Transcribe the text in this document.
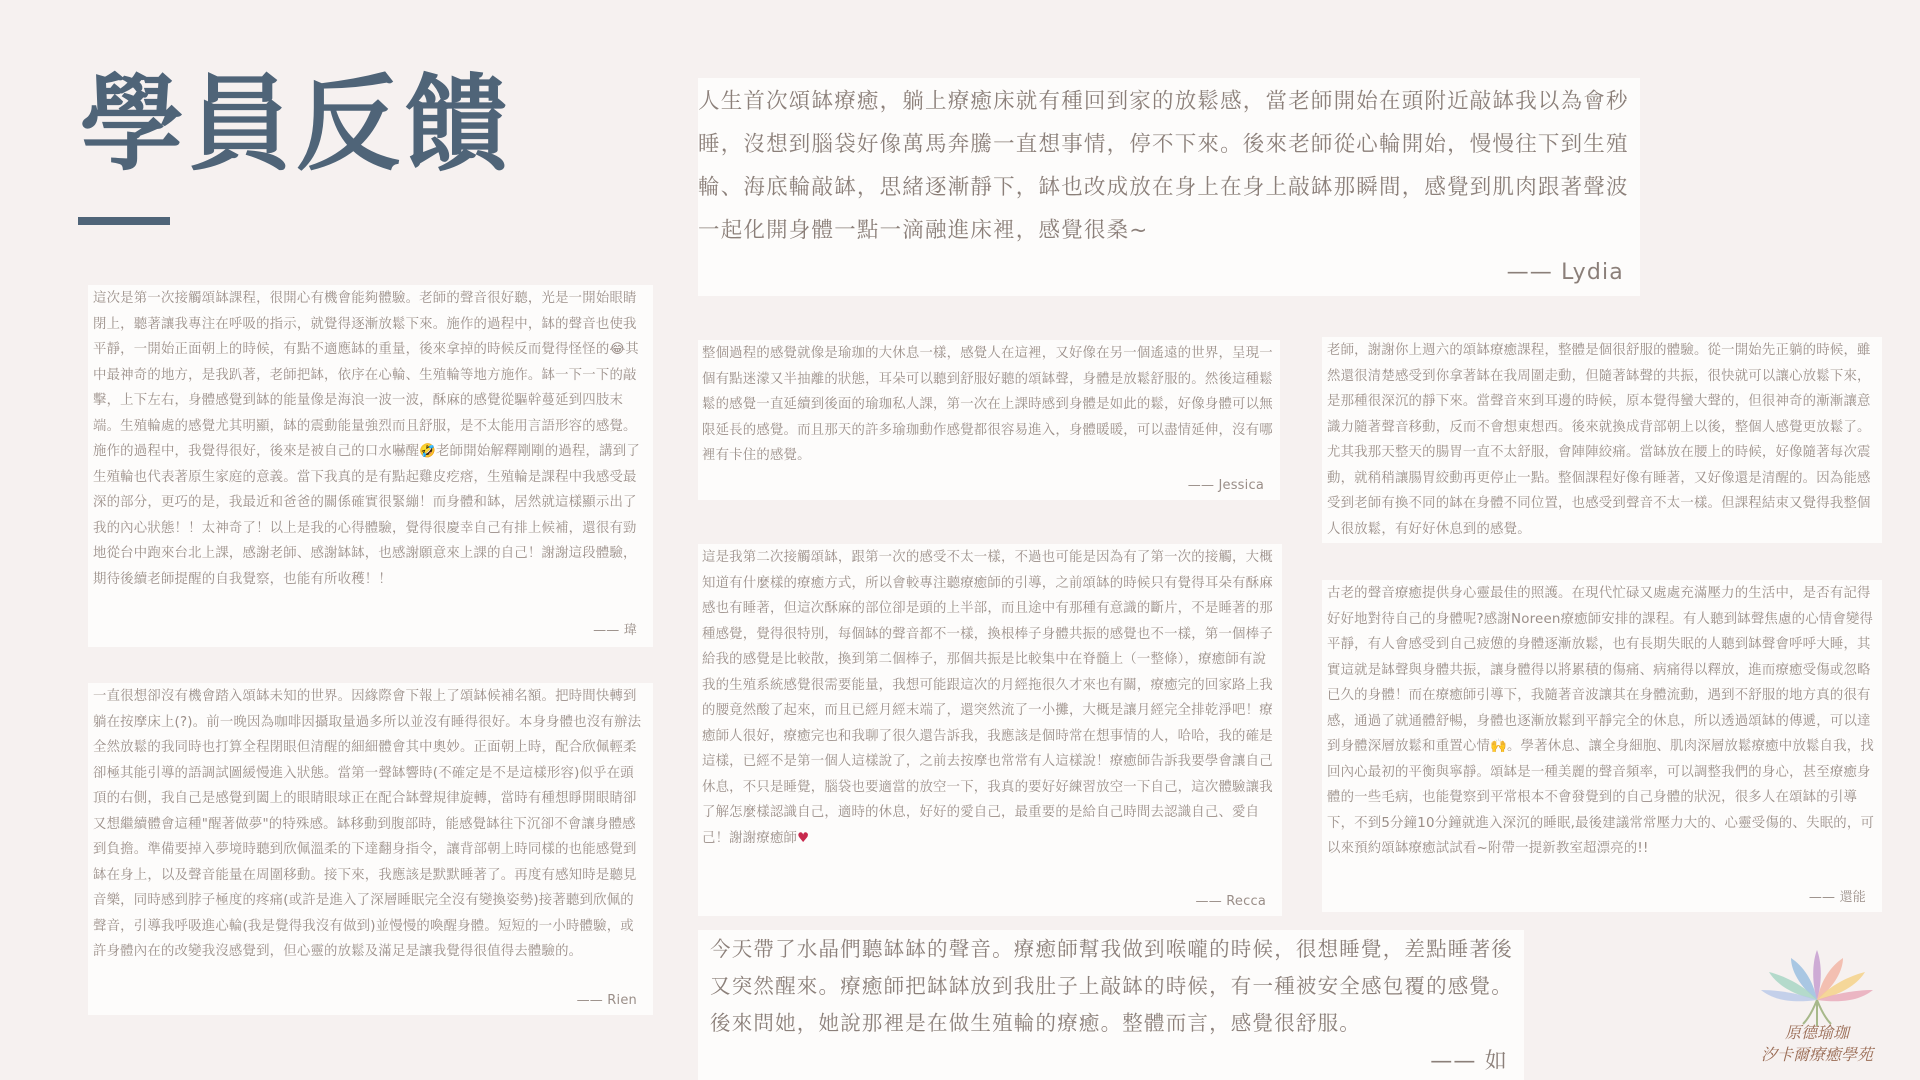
學員反饋	人生首次頌缽療癒，躺上療癒床就有種回到家的放鬆感，當老師開始在頭附近敲缽我以為會秒睡，沒想到腦袋好像萬馬奔騰一直想事情，停不下來。後來老師從心輪開始，慢慢往下到生殖輪、海底輪敲缽，思緒逐漸靜下，缽也改成放在身上在身上敲缽那瞬間，感覺到肌肉跟著聲波一起化開身體一點一滴融進床裡，感覺很桑~

—— Lydia

這次是第一次接觸頌缽課程，很開心有機會能夠體驗。老師的聲音很好聽，光是一開始眼睛閉上，聽著讓我專注在呼吸的指示，就覺得逐漸放鬆下來。施作的過程中，缽的聲音也使我平靜，一開始正面朝上的時候，有點不適應缽的重量，後來拿掉的時候反而覺得怪怪的😂其中最神奇的地方，是我趴著，老師把缽，依序在心輪、生殖輪等地方施作。缽一下一下的敲擊，上下左右，身體感覺到缽的能量像是海浪一波一波，酥麻的感覺從驅幹蔓延到四肢末端。生殖輪處的感覺尤其明顯，缽的震動能量強烈而且舒服，是不太能用言語形容的感覺。施作的過程中，我覺得很好，後來是被自己的口水嚇醒🤣老師開始解釋剛剛的過程，講到了生殖輪也代表著原生家庭的意義。當下我真的是有點起雞皮疙瘩，生殖輪是課程中我感受最深的部分，更巧的是，我最近和爸爸的關係確實很緊繃！而身體和缽，居然就這樣顯示出了我的內心狀態！！太神奇了！以上是我的心得體驗，覺得很慶幸自己有排上候補，還很有勁地從台中跑來台北上課，感謝老師、感謝缽缽，也感謝願意來上課的自己！謝謝這段體驗，期待後續老師提醒的自我覺察，也能有所收穫！！

—— 瑋

整個過程的感覺就像是瑜珈的大休息一樣，感覺人在這裡，又好像在另一個遙遠的世界，呈現一個有點迷濛又半抽離的狀態，耳朵可以聽到舒服好聽的頌缽聲，身體是放鬆舒服的。然後這種鬆鬆的感覺一直延續到後面的瑜珈私人課，第一次在上課時感到身體是如此的鬆，好像身體可以無限延長的感覺。而且那天的許多瑜珈動作感覺都很容易進入，身體暖暖，可以盡情延伸，沒有哪裡有卡住的感覺。

—— Jessica

老師，謝謝你上週六的頌缽療癒課程，整體是個很舒服的體驗。從一開始先正躺的時候，雖然還很清楚感受到你拿著缽在我周圍走動，但隨著缽聲的共振，很快就可以讓心放鬆下來，是那種很深沉的靜下來。當聲音來到耳邊的時候，原本覺得蠻大聲的，但很神奇的漸漸讓意識力隨著聲音移動，反而不會想東想西。後來就換成背部朝上以後，整個人感覺更放鬆了。尤其我那天整天的腸胃一直不太舒服，會陣陣絞痛。當缽放在腰上的時候，好像隨著每次震動，就稍稍讓腸胃絞動再更停止一點。整個課程好像有睡著，又好像還是清醒的。因為能感受到老師有換不同的缽在身體不同位置，也感受到聲音不太一樣。但課程結束又覺得我整個人很放鬆，有好好休息到的感覺。

這是我第二次接觸頌缽，跟第一次的感受不太一樣，不過也可能是因為有了第一次的接觸，大概知道有什麼樣的療癒方式，所以會較專注聽療癒師的引導，之前頌缽的時候只有覺得耳朵有酥麻感也有睡著，但這次酥麻的部位卻是頭的上半部，而且途中有那種有意識的斷片，不是睡著的那種感覺，覺得很特別，每個缽的聲音都不一樣，換根棒子身體共振的感覺也不一樣，第一個棒子給我的感覺是比較散，換到第二個棒子，那個共振是比較集中在脊髓上（一整條），療癒師有說我的生殖系統感覺很需要能量，我想可能跟這次的月經拖很久才來也有關，療癒完的回家路上我的腰竟然酸了起來，而且已經月經末端了，還突然流了一小攤，大概是讓月經完全排乾淨吧！療癒師人很好，療癒完也和我聊了很久還告訴我，我應該是個時常在想事情的人，哈哈，我的確是這樣，已經不是第一個人這樣說了，之前去按摩也常常有人這樣說！療癒師告訴我要學會讓自己休息，不只是睡覺，腦袋也要適當的放空一下，我真的要好好練習放空一下自己，這次體驗讓我了解怎麼樣認識自己，適時的休息，好好的愛自己，最重要的是給自己時間去認識自己、愛自己！謝謝療癒師♥

—— Recca

古老的聲音療癒提供身心靈最佳的照護。在現代忙碌又處處充滿壓力的生活中，是否有記得好好地對待自己的身體呢?感謝Noreen療癒師安排的課程。有人聽到缽聲焦慮的心情會變得平靜，有人會感受到自己疲憊的身體逐漸放鬆，也有長期失眠的人聽到缽聲會呼呼大睡，其實這就是缽聲與身體共振，讓身體得以將累積的傷痛、病痛得以釋放，進而療癒受傷或忽略已久的身體！而在療癒師引導下，我隨著音波讓其在身體流動，遇到不舒服的地方真的很有感，通過了就通體舒暢，身體也逐漸放鬆到平靜完全的休息，所以透過頌缽的傳遞，可以達到身體深層放鬆和重置心情🙌。學著休息、讓全身細胞、肌肉深層放鬆療癒中放鬆自我，找回內心最初的平衡與寧靜。頌缽是一種美麗的聲音頻率，可以調整我們的身心，甚至療癒身體的一些毛病，也能覺察到平常根本不會發覺到的自己身體的狀況，很多人在頌缽的引導下，不到5分鐘10分鐘就進入深沉的睡眠,最後建議常常壓力大的、心靈受傷的、失眠的，可以來預約頌缽療癒試試看~附帶一提新教室超漂亮的!!

—— 還能

一直很想卻沒有機會踏入頌缽未知的世界。因緣際會下報上了頌缽候補名額。把時間快轉到躺在按摩床上(?)。前一晚因為咖啡因攝取量過多所以並沒有睡得很好。本身身體也沒有辦法全然放鬆的我同時也打算全程閉眼但清醒的細細體會其中奧妙。正面朝上時，配合欣佩輕柔卻極其能引導的語調試圖緩慢進入狀態。當第一聲缽響時(不確定是不是這樣形容)似乎在頭頂的右側，我自己是感覺到闔上的眼睛眼球正在配合缽聲規律旋轉，當時有種想睜開眼睛卻又想繼續體會這種"醒著做夢"的特殊感。缽移動到腹部時，能感覺缽往下沉卻不會讓身體感到負擔。準備要掉入夢境時聽到欣佩溫柔的下達翻身指令，讓背部朝上時同樣的也能感覺到缽在身上，以及聲音能量在周圍移動。接下來，我應該是默默睡著了。再度有感知時是聽見音樂，同時感到脖子極度的疼痛(或許是進入了深層睡眠完全沒有變換姿勢)接著聽到欣佩的聲音，引導我呼吸進心輪(我是覺得我沒有做到)並慢慢的喚醒身體。短短的一小時體驗，或許身體內在的改變我沒感覺到，但心靈的放鬆及滿足是讓我覺得很值得去體驗的。

—— Rien

今天帶了水晶們聽缽缽的聲音。療癒師幫我做到喉嚨的時候，很想睡覺，差點睡著後又突然醒來。療癒師把缽缽放到我肚子上敲缽的時候，有一種被安全感包覆的感覺。後來問她，她說那裡是在做生殖輪的療癒。整體而言，感覺很舒服。

—— 如
原德瑜珈
汐卡爾療癒學苑
